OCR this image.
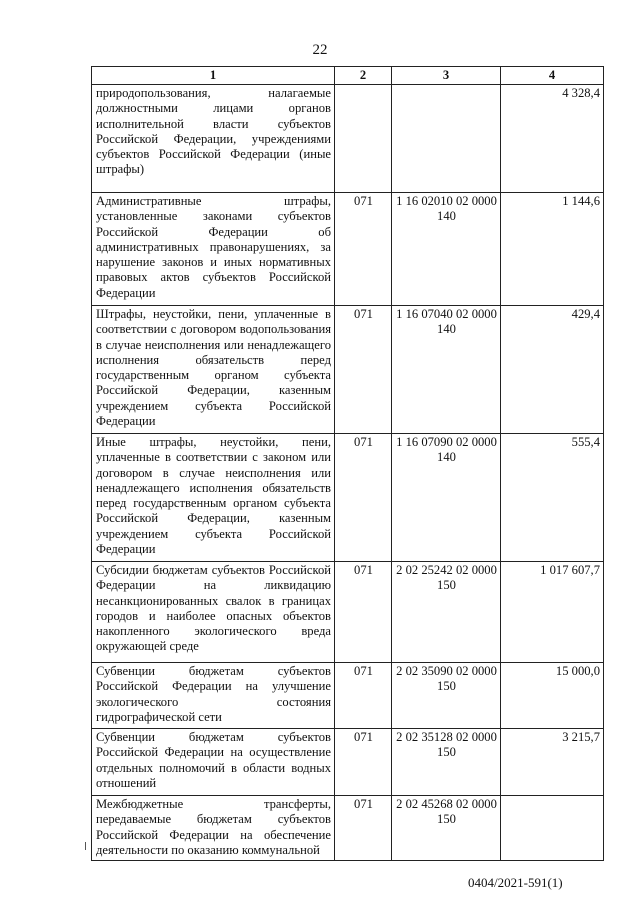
22
1	2	3	4
природопользования, налагаемые должностными лицами органов исполнительной власти субъектов Российской Федерации, учреждениями субъектов Российской Федерации (иные штрафы)			4 328,4
Административные штрафы, установленные законами субъектов Российской Федерации об административных правонарушениях, за нарушение законов и иных нормативных правовых актов субъектов Российской Федерации	071	1 16 02010 02 0000 140	1 144,6
Штрафы, неустойки, пени, уплаченные в соответствии с договором водопользования в случае неисполнения или ненадлежащего исполнения обязательств перед государственным органом субъекта Российской Федерации, казенным учреждением субъекта Российской Федерации	071	1 16 07040 02 0000 140	429,4
Иные штрафы, неустойки, пени, уплаченные в соответствии с законом или договором в случае неисполнения или ненадлежащего исполнения обязательств перед государственным органом субъекта Российской Федерации, казенным учреждением субъекта Российской Федерации	071	1 16 07090 02 0000 140	555,4
Субсидии бюджетам субъектов Российской Федерации на ликвидацию несанкционированных свалок в границах городов и наиболее опасных объектов накопленного экологического вреда окружающей среде	071	2 02 25242 02 0000 150	1 017 607,7
Субвенции бюджетам субъектов Российской Федерации на улучшение экологического состояния гидрографической сети	071	2 02 35090 02 0000 150	15 000,0
Субвенции бюджетам субъектов Российской Федерации на осуществление отдельных полномочий в области водных отношений	071	2 02 35128 02 0000 150	3 215,7
Межбюджетные трансферты, передаваемые бюджетам субъектов Российской Федерации на обеспечение деятельности по оказанию коммунальной	071	2 02 45268 02 0000 150	
0404/2021-591(1)
